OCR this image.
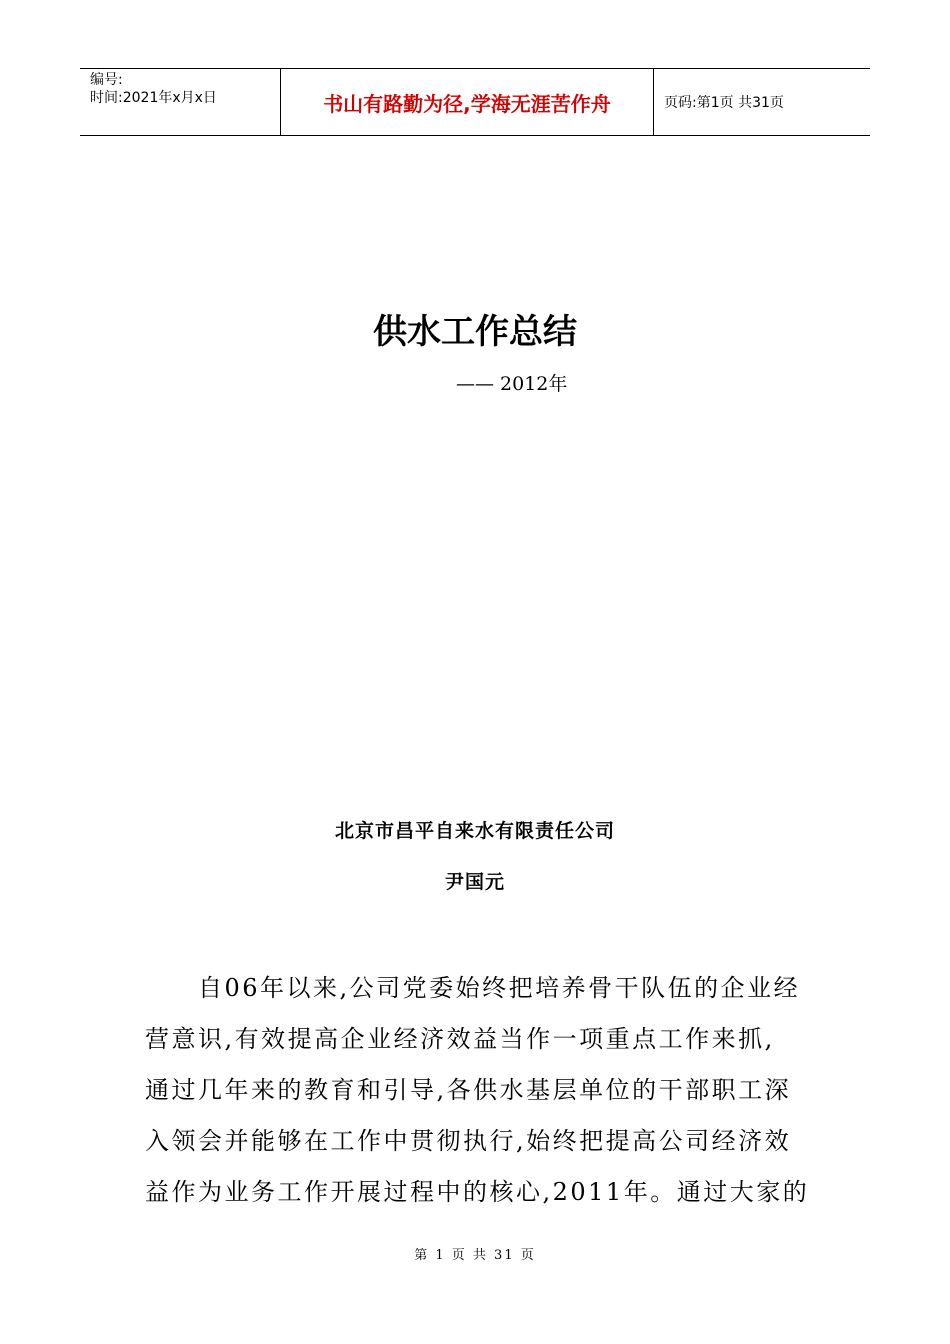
编号:
时间:2021年x月x日	书山有路勤为径,学海无涯苦作舟	页码:第1页 共31页
供水工作总结
—— 2012年
北京市昌平自来水有限责任公司
尹国元
　　自06年以来,公司党委始终把培养骨干队伍的企业经
营意识,有效提高企业经济效益当作一项重点工作来抓,
通过几年来的教育和引导,各供水基层单位的干部职工深
入领会并能够在工作中贯彻执行,始终把提高公司经济效
益作为业务工作开展过程中的核心,2011年。通过大家的
第 1 页 共 31 页
